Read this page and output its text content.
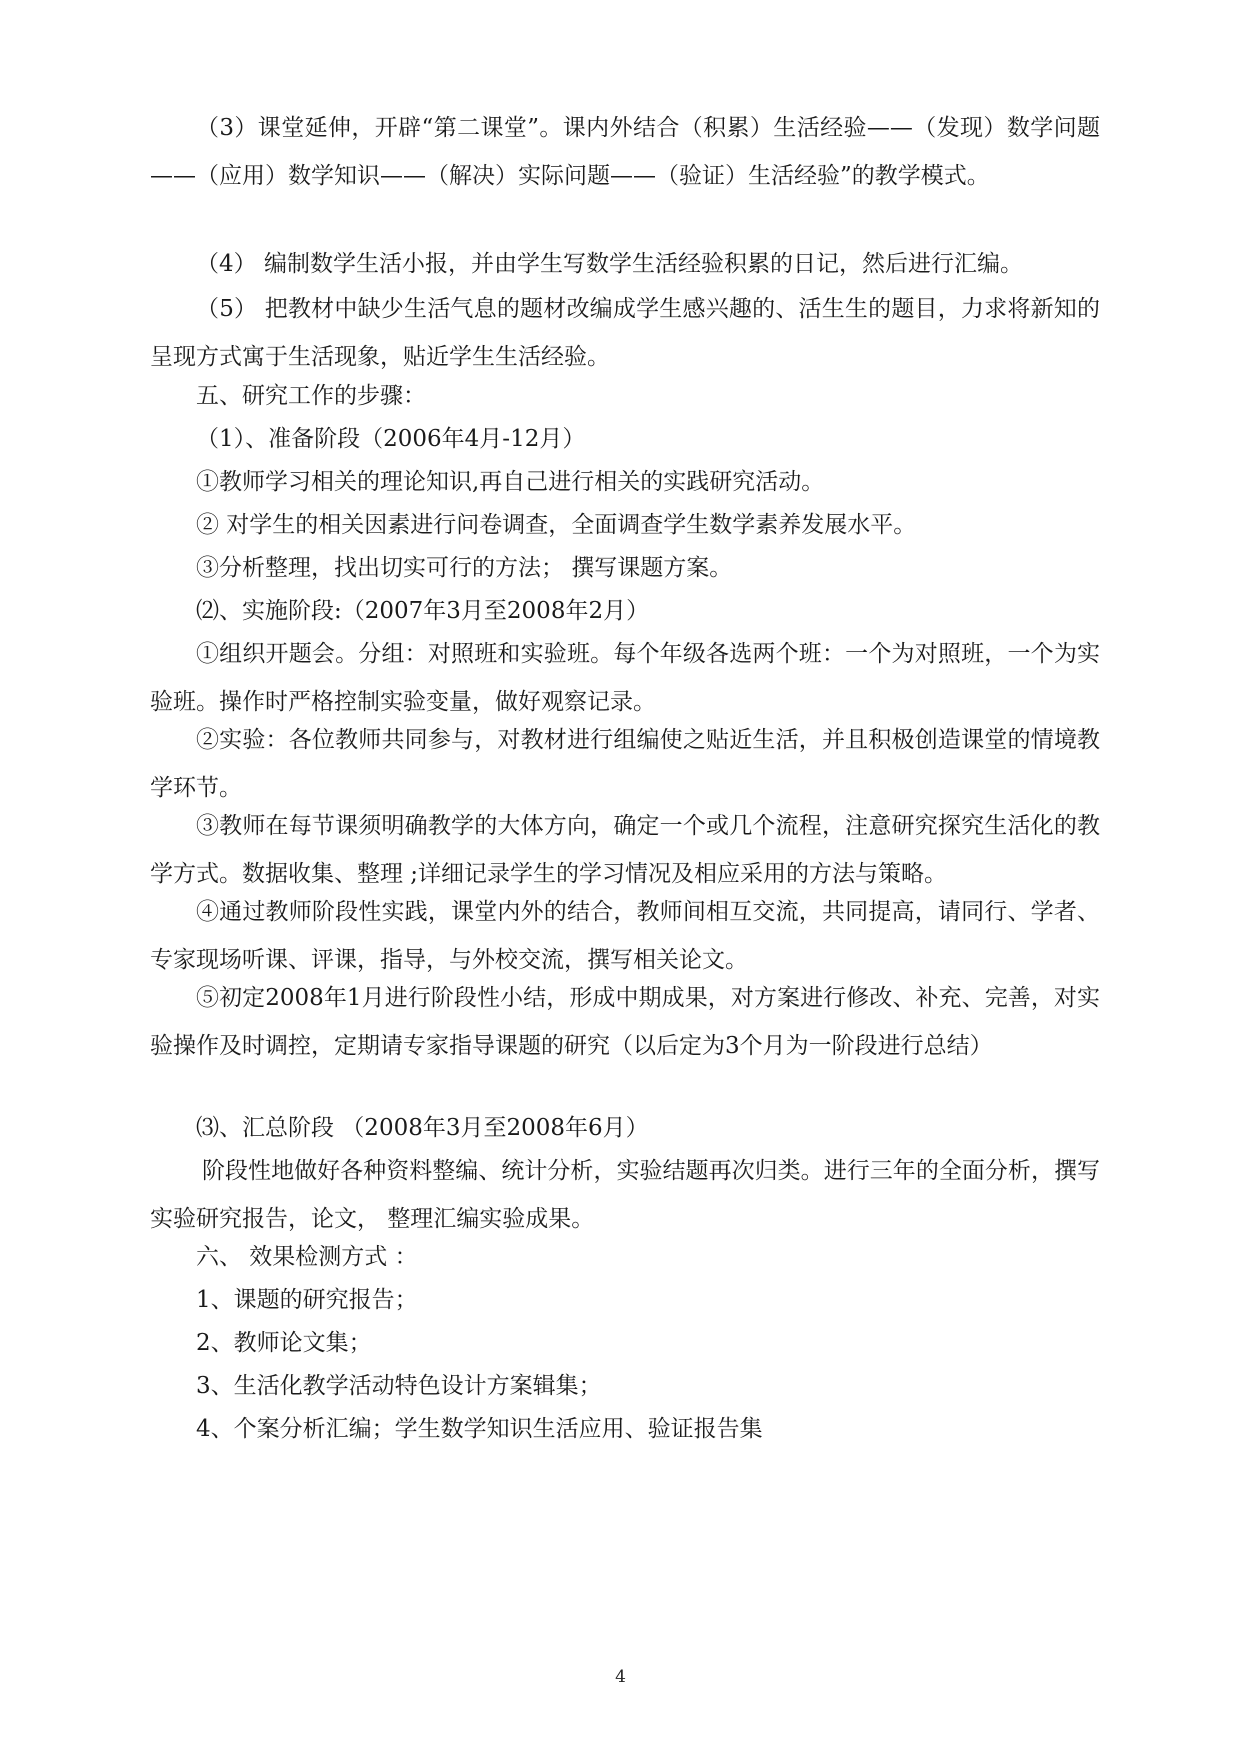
（3）课堂延伸，开辟“第二课堂”。课内外结合（积累）生活经验——（发现）数学问题——（应用）数学知识——（解决）实际问题——（验证）生活经验”的教学模式。

（4） 编制数学生活小报，并由学生写数学生活经验积累的日记，然后进行汇编。

（5） 把教材中缺少生活气息的题材改编成学生感兴趣的、活生生的题目，力求将新知的呈现方式寓于生活现象，贴近学生生活经验。

五、研究工作的步骤：

（1）、准备阶段（2006年4月-12月）

①教师学习相关的理论知识,再自己进行相关的实践研究活动。

② 对学生的相关因素进行问卷调查，全面调查学生数学素养发展水平。

③分析整理，找出切实可行的方法； 撰写课题方案。

⑵、实施阶段:（2007年3月至2008年2月）

①组织开题会。分组：对照班和实验班。每个年级各选两个班：一个为对照班，一个为实验班。操作时严格控制实验变量，做好观察记录。

②实验：各位教师共同参与，对教材进行组编使之贴近生活，并且积极创造课堂的情境教学环节。

③教师在每节课须明确教学的大体方向，确定一个或几个流程，注意研究探究生活化的教学方式。数据收集、整理 ;详细记录学生的学习情况及相应采用的方法与策略。

④通过教师阶段性实践，课堂内外的结合，教师间相互交流，共同提高，请同行、学者、专家现场听课、评课，指导，与外校交流，撰写相关论文。

⑤初定2008年1月进行阶段性小结，形成中期成果，对方案进行修改、补充、完善，对实验操作及时调控，定期请专家指导课题的研究（以后定为3个月为一阶段进行总结）

⑶、汇总阶段 （2008年3月至2008年6月）

阶段性地做好各种资料整编、统计分析，实验结题再次归类。进行三年的全面分析，撰写实验研究报告，论文， 整理汇编实验成果。

六、 效果检测方式 ：

1、课题的研究报告；

2、教师论文集；

3、生活化教学活动特色设计方案辑集；

4、个案分析汇编；学生数学知识生活应用、验证报告集

4
